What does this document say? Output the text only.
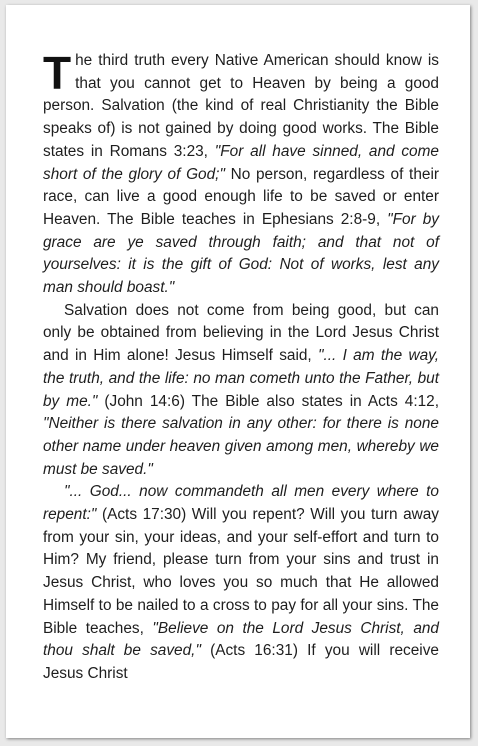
The third truth every Native American should know is that you cannot get to Heaven by being a good person. Salvation (the kind of real Christianity the Bible speaks of) is not gained by doing good works. The Bible states in Romans 3:23, "For all have sinned, and come short of the glory of God;" No person, regardless of their race, can live a good enough life to be saved or enter Heaven. The Bible teaches in Ephesians 2:8-9, "For by grace are ye saved through faith; and that not of yourselves: it is the gift of God: Not of works, lest any man should boast."

Salvation does not come from being good, but can only be obtained from believing in the Lord Jesus Christ and in Him alone! Jesus Himself said, "... I am the way, the truth, and the life: no man cometh unto the Father, but by me." (John 14:6) The Bible also states in Acts 4:12, "Neither is there salvation in any other: for there is none other name under heaven given among men, whereby we must be saved."

"... God... now commandeth all men every where to repent:" (Acts 17:30) Will you repent? Will you turn away from your sin, your ideas, and your self-effort and turn to Him? My friend, please turn from your sins and trust in Jesus Christ, who loves you so much that He allowed Himself to be nailed to a cross to pay for all your sins. The Bible teaches, "Believe on the Lord Jesus Christ, and thou shalt be saved," (Acts 16:31) If you will receive Jesus Christ
